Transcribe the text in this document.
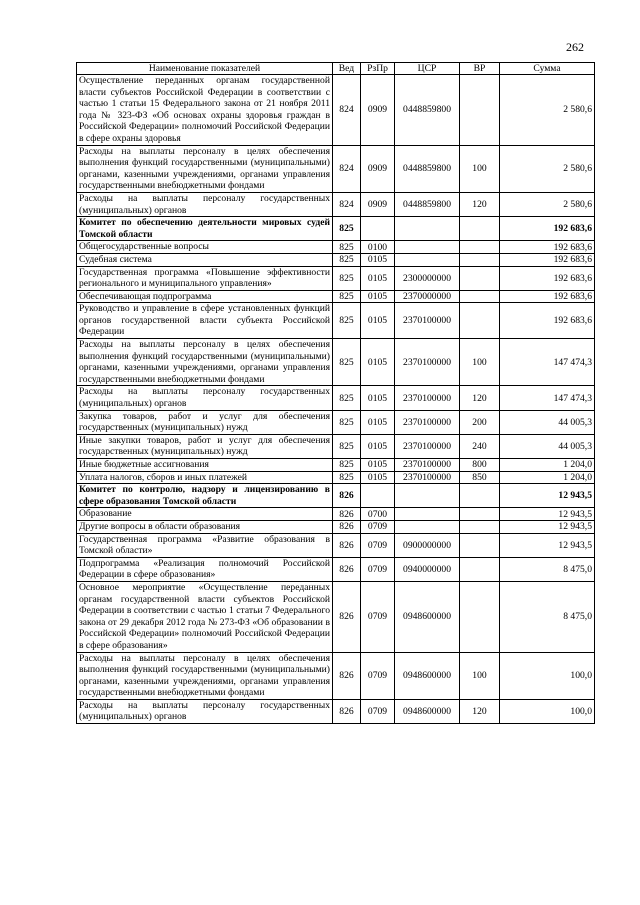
262
Наименование показателей	Вед	РзПр	ЦСР	ВР	Сумма
Осуществление переданных органам государственной власти субъектов Российской Федерации в соответствии с частью 1 статьи 15 Федерального закона от 21 ноября 2011 года № 323-ФЗ «Об основах охраны здоровья граждан в Российской Федерации» полномочий Российской Федерации в сфере охраны здоровья	824	0909	0448859800		2 580,6
Расходы на выплаты персоналу в целях обеспечения выполнения функций государственными (муниципальными) органами, казенными учреждениями, органами управления государственными внебюджетными фондами	824	0909	0448859800	100	2 580,6
Расходы на выплаты персоналу государственных (муниципальных) органов	824	0909	0448859800	120	2 580,6
Комитет по обеспечению деятельности мировых судей Томской области	825				192 683,6
Общегосударственные вопросы	825	0100			192 683,6
Судебная система	825	0105			192 683,6
Государственная программа «Повышение эффективности регионального и муниципального управления»	825	0105	2300000000		192 683,6
Обеспечивающая подпрограмма	825	0105	2370000000		192 683,6
Руководство и управление в сфере установленных функций органов государственной власти субъекта Российской Федерации	825	0105	2370100000		192 683,6
Расходы на выплаты персоналу в целях обеспечения выполнения функций государственными (муниципальными) органами, казенными учреждениями, органами управления государственными внебюджетными фондами	825	0105	2370100000	100	147 474,3
Расходы на выплаты персоналу государственных (муниципальных) органов	825	0105	2370100000	120	147 474,3
Закупка товаров, работ и услуг для обеспечения государственных (муниципальных) нужд	825	0105	2370100000	200	44 005,3
Иные закупки товаров, работ и услуг для обеспечения государственных (муниципальных) нужд	825	0105	2370100000	240	44 005,3
Иные бюджетные ассигнования	825	0105	2370100000	800	1 204,0
Уплата налогов, сборов и иных платежей	825	0105	2370100000	850	1 204,0
Комитет по контролю, надзору и лицензированию в сфере образования Томской области	826				12 943,5
Образование	826	0700			12 943,5
Другие вопросы в области образования	826	0709			12 943,5
Государственная программа «Развитие образования в Томской области»	826	0709	0900000000		12 943,5
Подпрограмма «Реализация полномочий Российской Федерации в сфере образования»	826	0709	0940000000		8 475,0
Основное мероприятие «Осуществление переданных органам государственной власти субъектов Российской Федерации в соответствии с частью 1 статьи 7 Федерального закона от 29 декабря 2012 года № 273-ФЗ «Об образовании в Российской Федерации» полномочий Российской Федерации в сфере образования»	826	0709	0948600000		8 475,0
Расходы на выплаты персоналу в целях обеспечения выполнения функций государственными (муниципальными) органами, казенными учреждениями, органами управления государственными внебюджетными фондами	826	0709	0948600000	100	100,0
Расходы на выплаты персоналу государственных (муниципальных) органов	826	0709	0948600000	120	100,0
